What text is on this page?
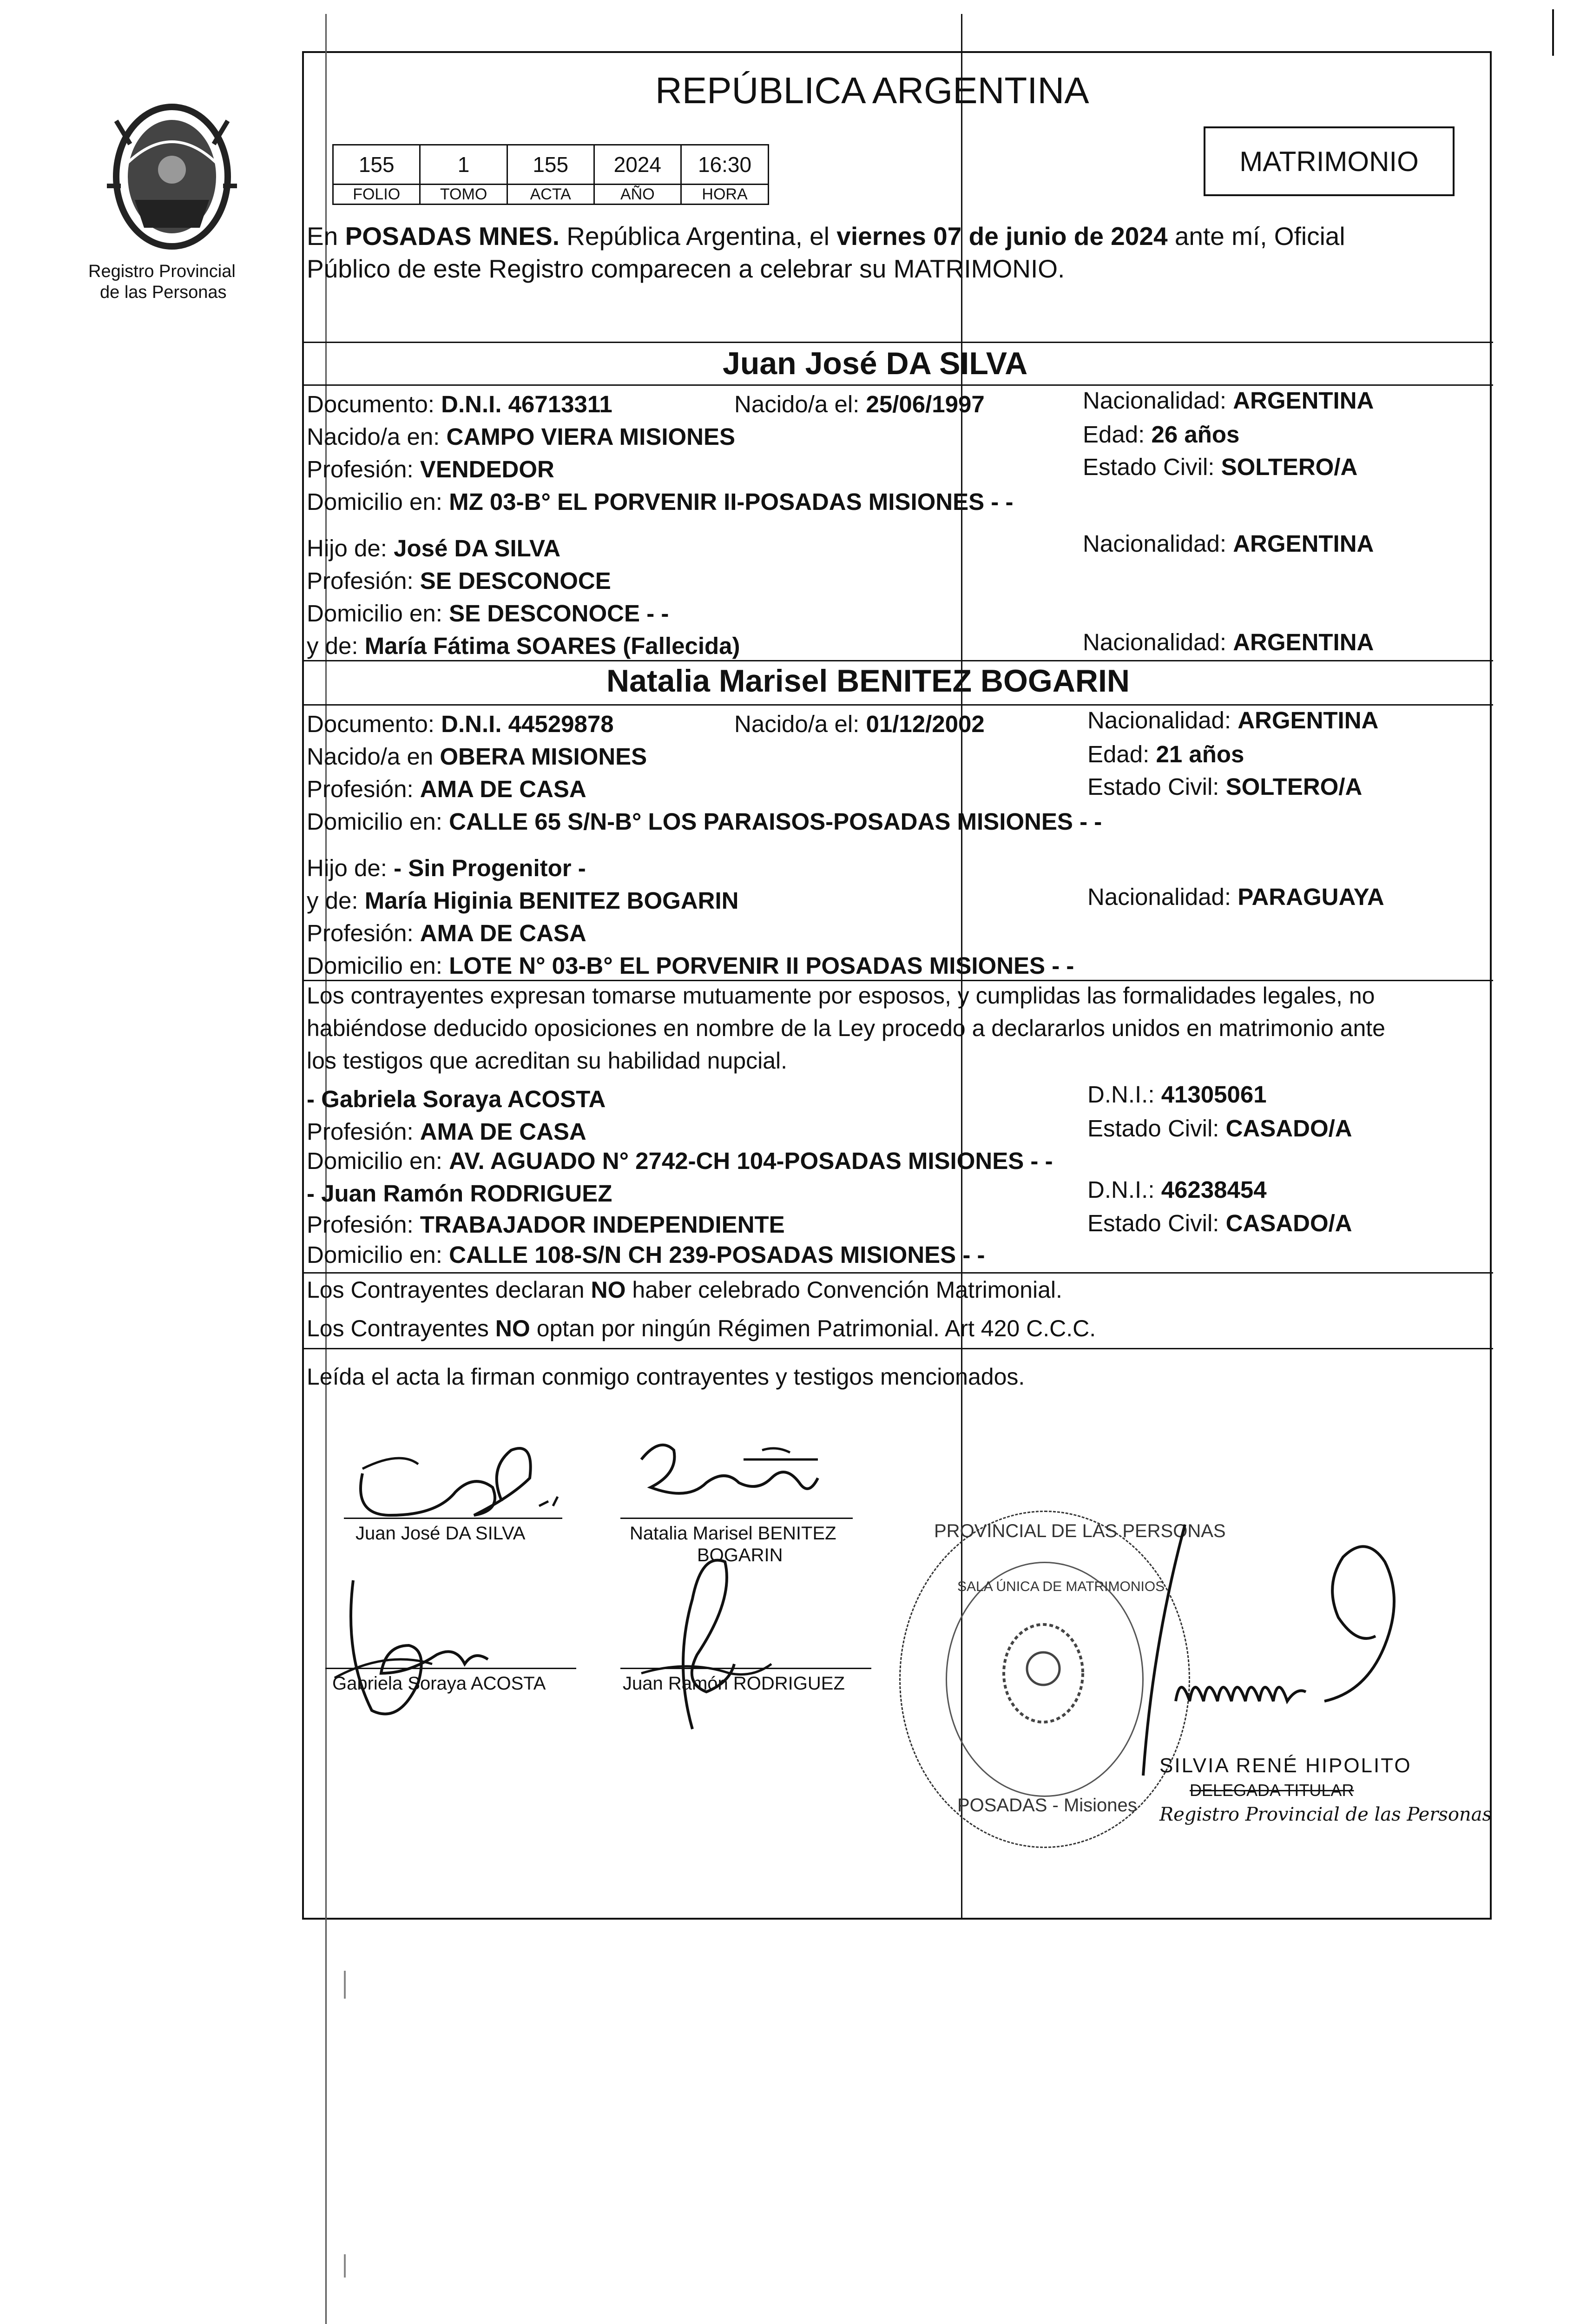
Registro Provincial
de las Personas
REPÚBLICA ARGENTINA
155	1	155	2024	16:30
FOLIO	TOMO	ACTA	AÑO	HORA
MATRIMONIO
En POSADAS MNES. República Argentina, el viernes 07 de junio de 2024 ante mí, Oficial
Público de este Registro comparecen a celebrar su MATRIMONIO.
Juan José DA SILVA
Documento: D.N.I. 46713311	Nacido/a el: 25/06/1997	Nacionalidad: ARGENTINA
Nacido/a en: CAMPO VIERA MISIONES	Edad: 26 años
Profesión: VENDEDOR	Estado Civil: SOLTERO/A
Domicilio en: MZ 03-B° EL PORVENIR II-POSADAS MISIONES - -
Hijo de: José DA SILVA	Nacionalidad: ARGENTINA
Profesión: SE DESCONOCE
Domicilio en: SE DESCONOCE - -
y de: María Fátima SOARES (Fallecida)	Nacionalidad: ARGENTINA
Natalia Marisel BENITEZ BOGARIN
Documento: D.N.I. 44529878	Nacido/a el: 01/12/2002	Nacionalidad: ARGENTINA
Nacido/a en OBERA MISIONES	Edad: 21 años
Profesión: AMA DE CASA	Estado Civil: SOLTERO/A
Domicilio en: CALLE 65 S/N-B° LOS PARAISOS-POSADAS MISIONES - -
Hijo de: - Sin Progenitor -
y de: María Higinia BENITEZ BOGARIN	Nacionalidad: PARAGUAYA
Profesión: AMA DE CASA
Domicilio en: LOTE N° 03-B° EL PORVENIR II POSADAS MISIONES - -
Los contrayentes expresan tomarse mutuamente por esposos, y cumplidas las formalidades legales, no
habiéndose deducido oposiciones en nombre de la Ley procedo a declararlos unidos en matrimonio ante
los testigos que acreditan su habilidad nupcial.
- Gabriela Soraya ACOSTA	D.N.I.: 41305061
Profesión: AMA DE CASA	Estado Civil: CASADO/A
Domicilio en: AV. AGUADO N° 2742-CH 104-POSADAS MISIONES - -
- Juan Ramón RODRIGUEZ	D.N.I.: 46238454
Profesión: TRABAJADOR INDEPENDIENTE	Estado Civil: CASADO/A
Domicilio en: CALLE 108-S/N CH 239-POSADAS MISIONES - -
Los Contrayentes declaran NO haber celebrado Convención Matrimonial.
Los Contrayentes NO optan por ningún Régimen Patrimonial. Art 420 C.C.C.
Leída el acta la firman conmigo contrayentes y testigos mencionados.
Juan José DA SILVA	Natalia Marisel BENITEZ
BOGARIN
Gabriela Soraya ACOSTA	Juan Ramón RODRIGUEZ
PROVINCIAL DE LAS PERSONAS
SALA ÚNICA DE MATRIMONIOS
POSADAS - Misiones
SILVIA RENÉ HIPOLITO
DELEGADA TITULAR
Registro Provincial de las Personas
